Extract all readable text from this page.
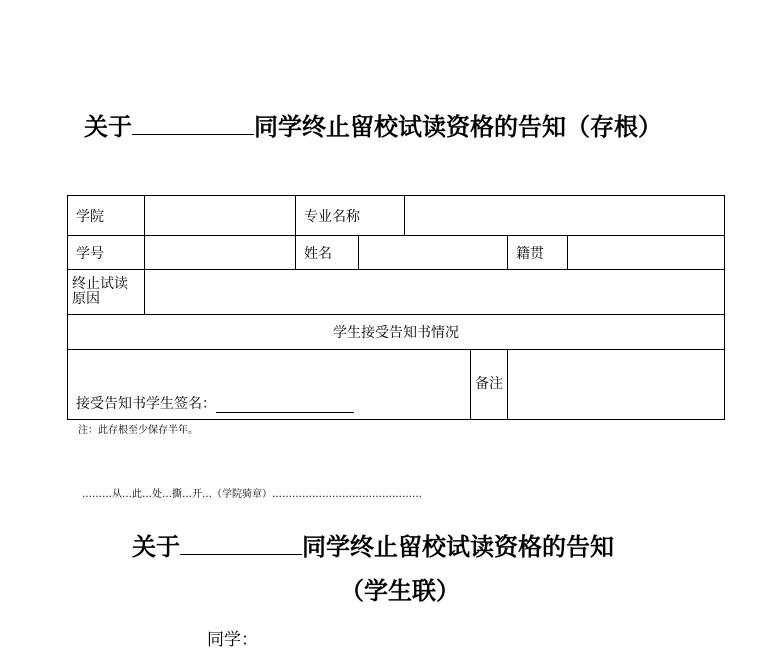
关于	同学终止留校试读资格的告知（存根）
学院		专业名称					
学号		姓名				籍贯	
终止试读原因							
学生接受告知书情况							
接受告知书学生签名：					备注		
注：此存根至少保存半年。
………从…此…处…撕…开…（学院骑章）………………………………………
关于	同学终止留校试读资格的告知
（学生联）
同学：
